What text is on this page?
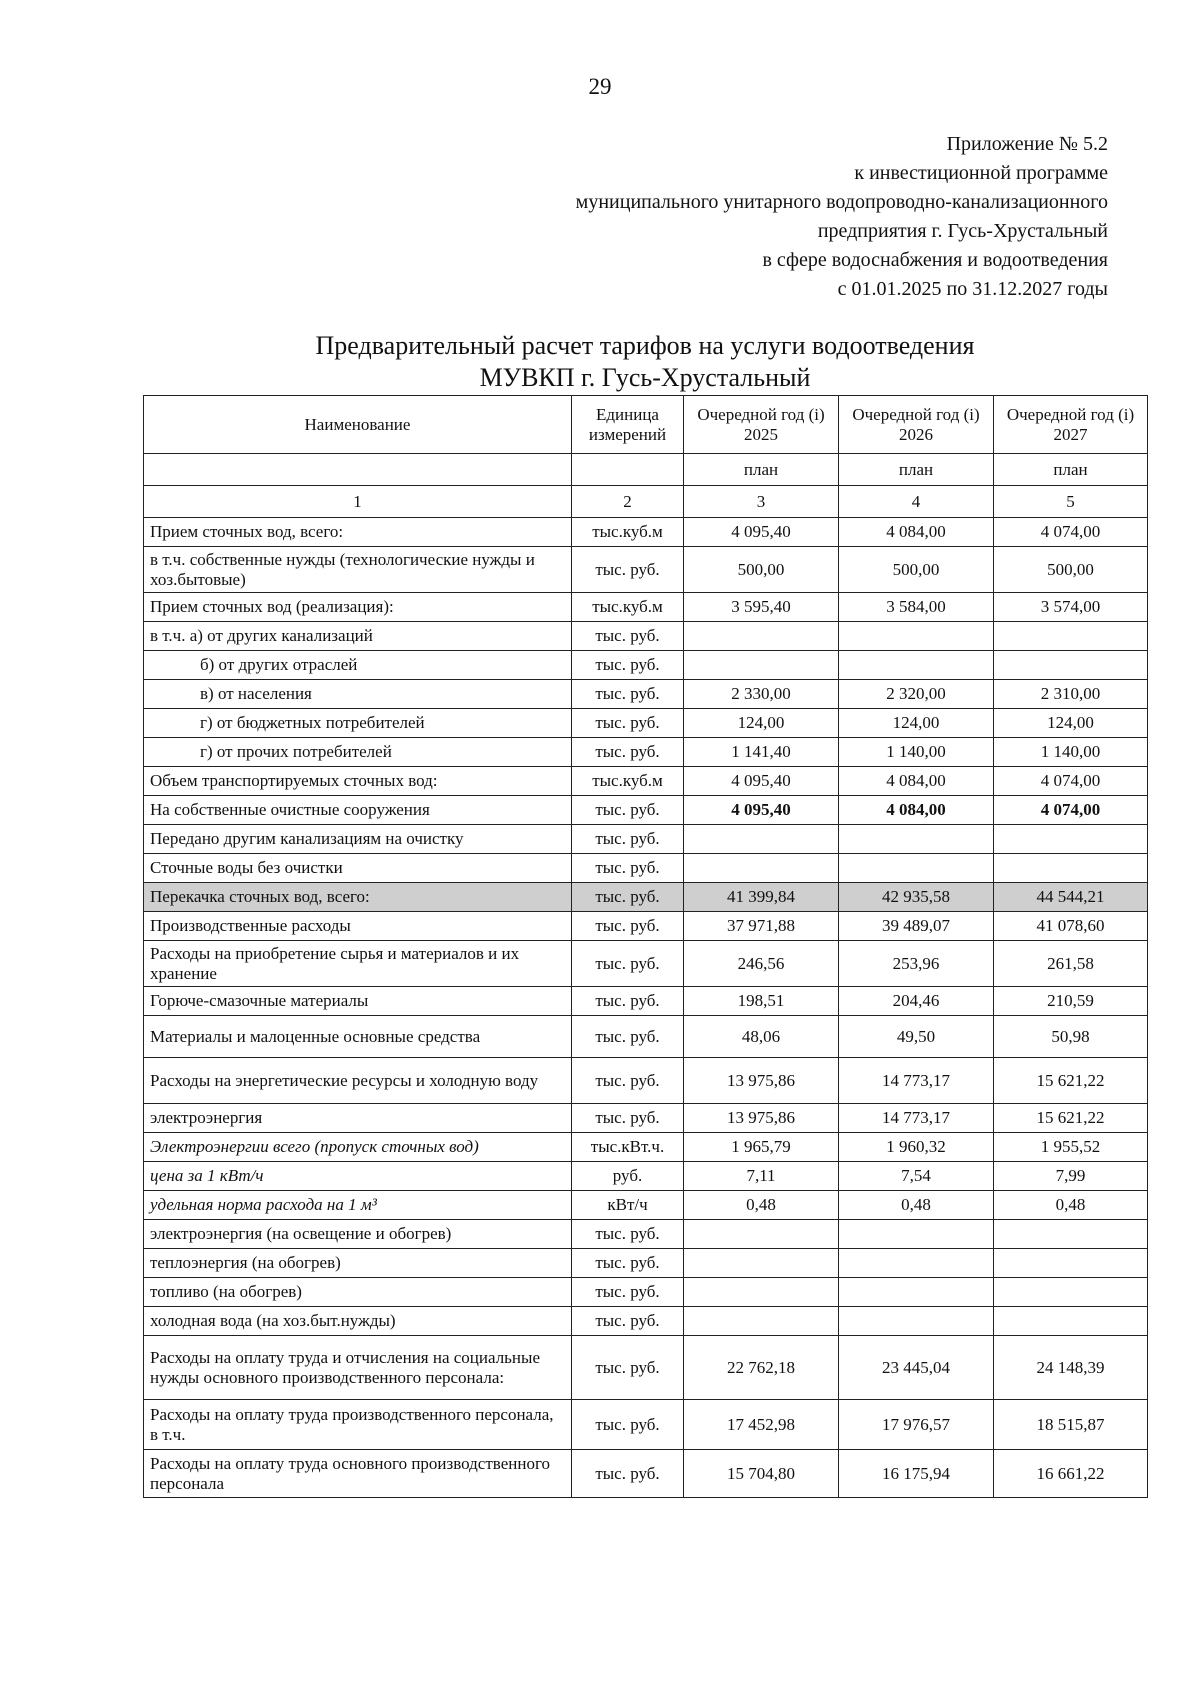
29
Приложение № 5.2
к инвестиционной программе
муниципального унитарного водопроводно-канализационного
предприятия г. Гусь-Хрустальный
в сфере водоснабжения и водоотведения
с 01.01.2025 по 31.12.2027 годы
Предварительный расчет тарифов на услуги водоотведения
МУВКП г. Гусь-Хрустальный
Наименование	Единица измерений	Очередной год (i) 2025	Очередной год (i) 2026	Очередной год (i) 2027
		план	план	план
1	2	3	4	5
Прием сточных вод, всего:	тыс.куб.м	4 095,40	4 084,00	4 074,00
в т.ч. собственные нужды (технологические нужды и хоз.бытовые)	тыс. руб.	500,00	500,00	500,00
Прием сточных вод (реализация):	тыс.куб.м	3 595,40	3 584,00	3 574,00
в т.ч. а) от других канализаций	тыс. руб.			
б) от других отраслей	тыс. руб.			
в) от населения	тыс. руб.	2 330,00	2 320,00	2 310,00
г) от бюджетных потребителей	тыс. руб.	124,00	124,00	124,00
г) от прочих потребителей	тыс. руб.	1 141,40	1 140,00	1 140,00
Объем транспортируемых сточных вод:	тыс.куб.м	4 095,40	4 084,00	4 074,00
На собственные очистные сооружения	тыс. руб.	4 095,40	4 084,00	4 074,00
Передано другим канализациям на очистку	тыс. руб.			
Сточные воды без очистки	тыс. руб.			
Перекачка сточных вод, всего:	тыс. руб.	41 399,84	42 935,58	44 544,21
Производственные расходы	тыс. руб.	37 971,88	39 489,07	41 078,60
Расходы на приобретение сырья и материалов и их хранение	тыс. руб.	246,56	253,96	261,58
Горюче-смазочные материалы	тыс. руб.	198,51	204,46	210,59
Материалы и малоценные основные средства	тыс. руб.	48,06	49,50	50,98
Расходы на энергетические ресурсы и холодную воду	тыс. руб.	13 975,86	14 773,17	15 621,22
электроэнергия	тыс. руб.	13 975,86	14 773,17	15 621,22
Электроэнергии всего (пропуск сточных вод)	тыс.кВт.ч.	1 965,79	1 960,32	1 955,52
цена за 1 кВт/ч	руб.	7,11	7,54	7,99
удельная норма расхода на 1 м³	кВт/ч	0,48	0,48	0,48
электроэнергия (на освещение и обогрев)	тыс. руб.			
теплоэнергия (на обогрев)	тыс. руб.			
топливо (на обогрев)	тыс. руб.			
холодная вода (на хоз.быт.нужды)	тыс. руб.			
Расходы на оплату труда и отчисления на социальные нужды основного производственного персонала:	тыс. руб.	22 762,18	23 445,04	24 148,39
Расходы на оплату труда производственного персонала, в т.ч.	тыс. руб.	17 452,98	17 976,57	18 515,87
Расходы на оплату труда основного производственного персонала	тыс. руб.	15 704,80	16 175,94	16 661,22
